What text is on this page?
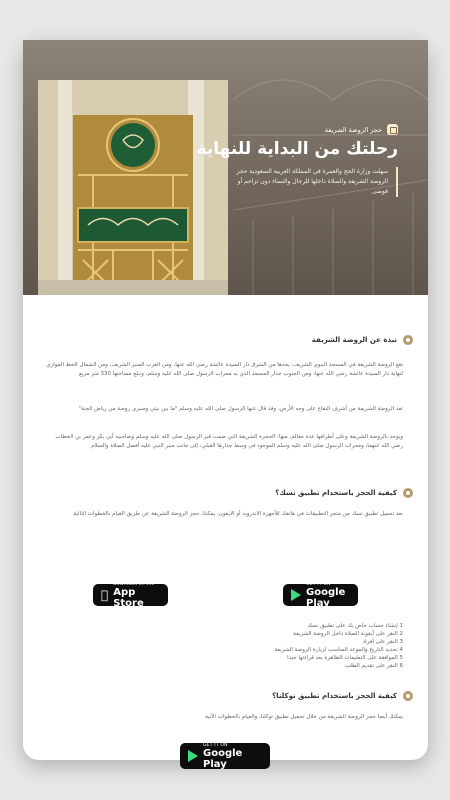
حجز الروضة الشريفة
رحلتك من البداية للنهاية
سهلت وزارة الحج والعمرة في المملكة العربية السعودية حجز
الروضة الشريفة والصلاة داخلها للرجال والنساء دون تزاحم أو
فوضى
نبذة عن الروضة الشريفة

تقع الروضة الشريفة في المسجد النبوي الشريف، يحدها من الشرق دار السيدة عائشة رضي الله عنها، ومن الغرب المنبر الشريف، ومن الشمال الخط الموازي لنهاية دار السيدة عائشة رضي الله عنها، ومن الجنوب جدار المسجد الذي به محراب الرسول صلى الله عليه وسلم، وتبلغ مساحتها 330 متر مربع

تعد الروضة الشريفة من أشرف البقاع على وجه الأرض، وقد قال عنها الرسول صلى الله عليه وسلم "ما بين بيتي ومنبري روضة من رياض الجنة"

ويوجد بالروضة الشريفة وعلى أطرافها عدة معالم، منها: الحجرة الشريفة التي ضمت قبر الرسول صلى الله عليه وسلم وصاحبيه أبي بكر وعمر بن الخطاب رضي الله عنهما، ومحراب الرسول صلى الله عليه وسلم الموجود في وسط جدارها القبلي، إلى جانب منبر النبي عليه أفضل الصلاة والسلام

كيفية الحجز باستخدام تطبيق نسك؟

بعد تحميل تطبيق نسك من متجر التطبيقات في هاتفك للأجهزة الاندرويد أو الايفون، يمكنك حجز الروضة الشريفة عن طريق القيام بالخطوات التالية

Download on the
App Store
GET IT ON
Google Play
1 إنشاء حساب خاص بك على تطبيق نسك
2 النقر على أيقونة الصلاة داخل الروضة الشريفة
3 النقر على أفراد
4 تحديد التاريخ والموعد المناسب لزيارة الروضة الشريفة
5 الموافقة على التعليمات الظاهرة بعد قراءتها جيدا
6 النقر على تقديم الطلب
كيفية الحجز باستخدام تطبيق توكلنا؟

يمكنك أيضا حجز الروضة الشريفة من خلال تحميل تطبيق توكلنا، والقيام بالخطوات الآتية

GET IT ON
Google Play
